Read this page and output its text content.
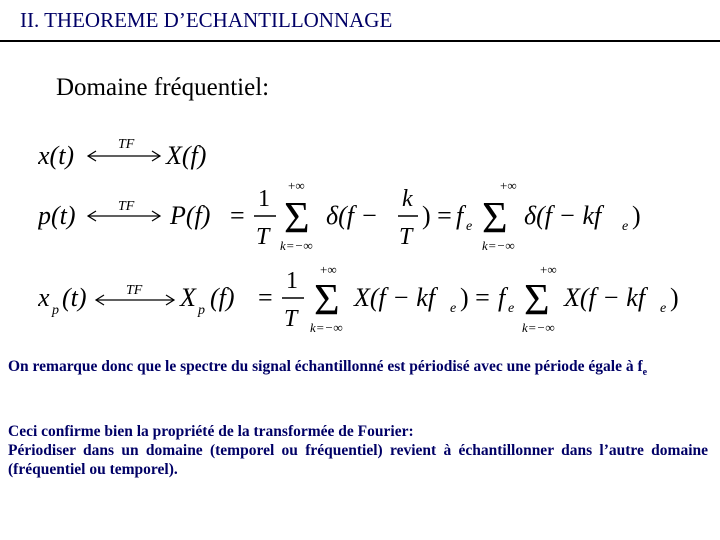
II. THEOREME D’ECHANTILLONNAGE
Domaine fréquentiel:
x(t)	TF X(f)
p(t)	TF P(f) =
1
T
+∞
Σ
k=−∞
δ(f −
k
T
) = f e
+∞
Σ
k=−∞
δ(f − kf e )
x p (t)	TF X p (f) =
1
T
+∞
Σ
k=−∞
X(f − kf e ) = f e
+∞
Σ
k=−∞
X(f − kf e )

On remarque donc que le spectre du signal échantillonné est périodisé avec une période égale à $f_e$

Ceci confirme bien la propriété de la transformée de Fourier:

Périodiser dans un domaine (temporel ou fréquentiel) revient à échantillonner dans l’autre domaine (fréquentiel ou temporel).
